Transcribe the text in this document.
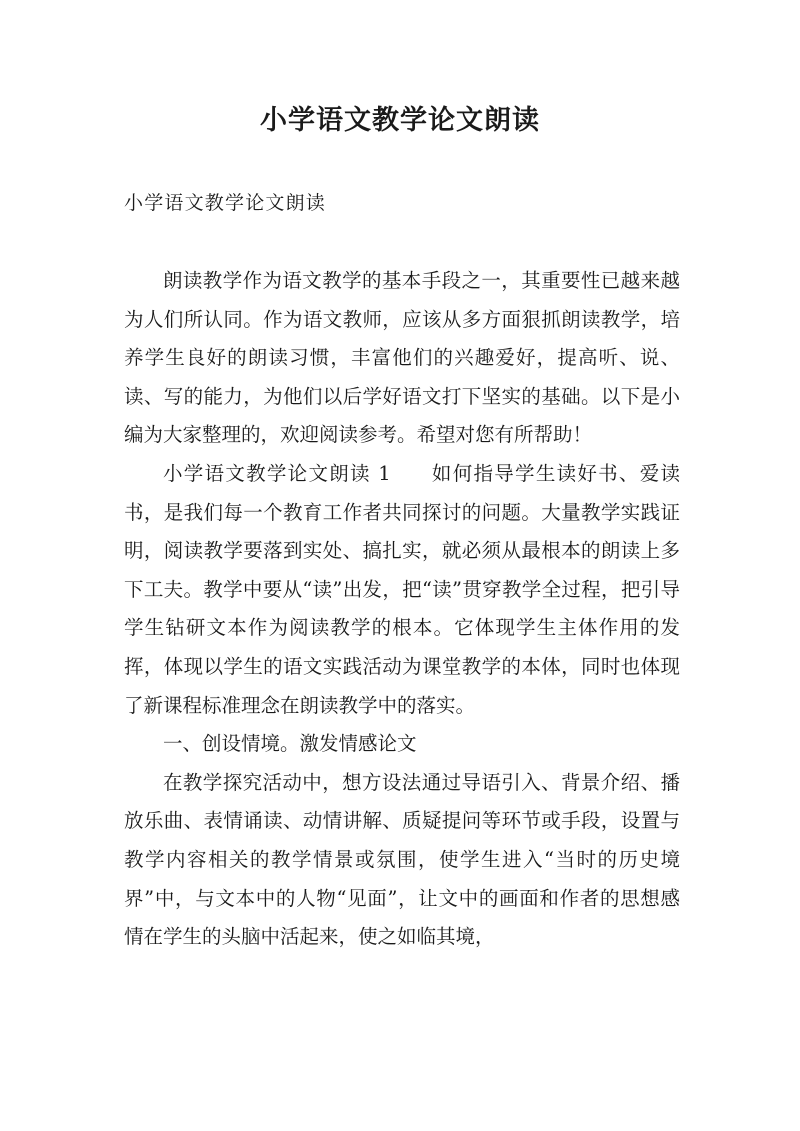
小学语文教学论文朗读
小学语文教学论文朗读

朗读教学作为语文教学的基本手段之一，其重要性已越来越为人们所认同。作为语文教师，应该从多方面狠抓朗读教学，培养学生良好的朗读习惯，丰富他们的兴趣爱好，提高听、说、读、写的能力，为他们以后学好语文打下坚实的基础。以下是小编为大家整理的，欢迎阅读参考。希望对您有所帮助！

小学语文教学论文朗读 1 如何指导学生读好书、爱读书，是我们每一个教育工作者共同探讨的问题。大量教学实践证明，阅读教学要落到实处、搞扎实，就必须从最根本的朗读上多下工夫。教学中要从“读”出发，把“读”贯穿教学全过程，把引导学生钻研文本作为阅读教学的根本。它体现学生主体作用的发挥，体现以学生的语文实践活动为课堂教学的本体，同时也体现了新课程标准理念在朗读教学中的落实。

一、创设情境。激发情感论文

在教学探究活动中，想方设法通过导语引入、背景介绍、播放乐曲、表情诵读、动情讲解、质疑提问等环节或手段，设置与教学内容相关的教学情景或氛围，使学生进入“当时的历史境界”中，与文本中的人物“见面”，让文中的画面和作者的思想感情在学生的头脑中活起来，使之如临其境，
